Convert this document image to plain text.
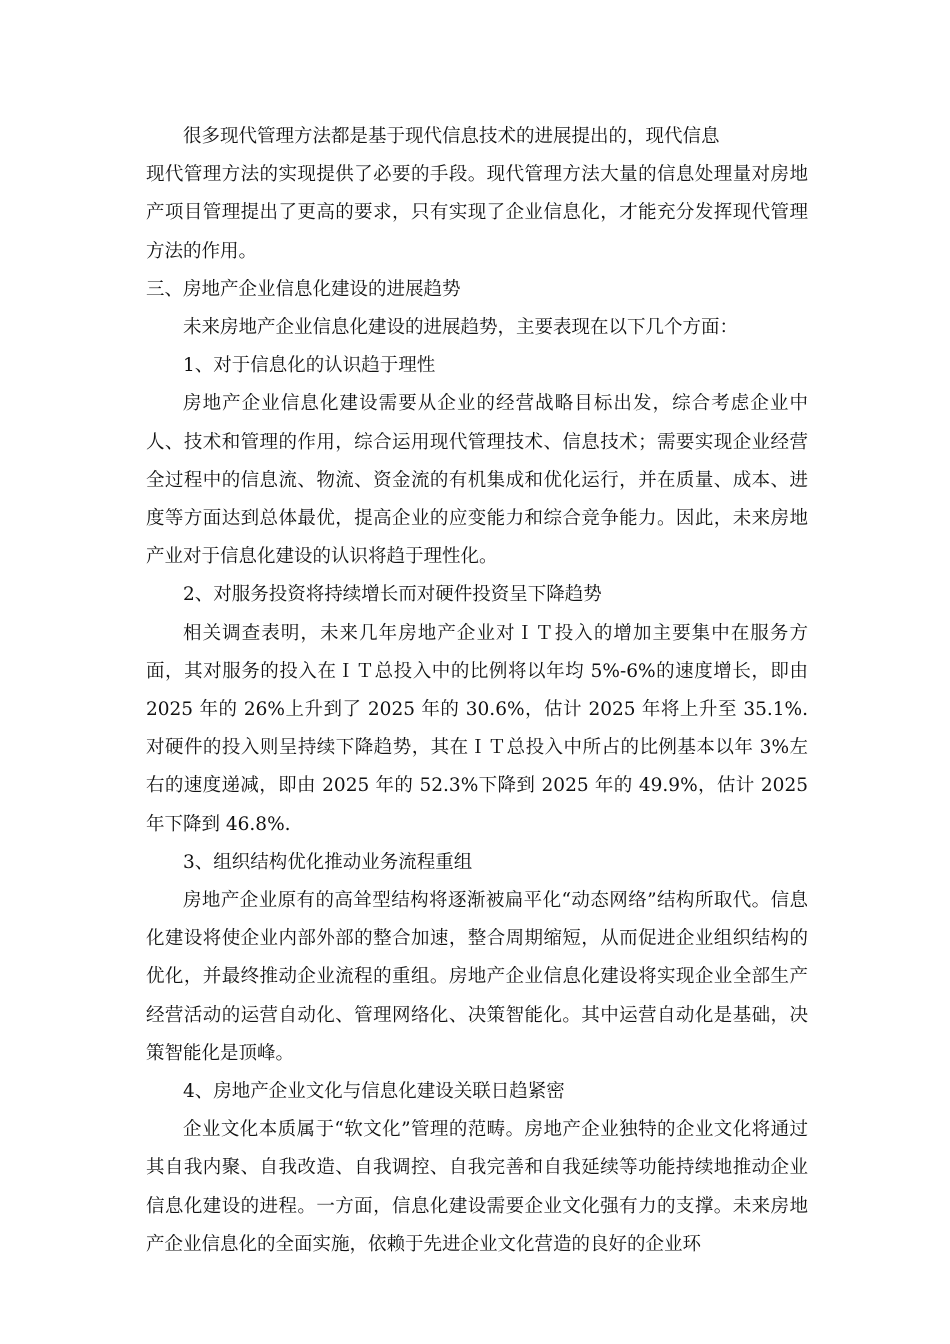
很多现代管理方法都是基于现代信息技术的进展提出的，现代信息

现代管理方法的实现提供了必要的手段。现代管理方法大量的信息处理量对房地产项目管理提出了更高的要求，只有实现了企业信息化，才能充分发挥现代管理方法的作用。

三、房地产企业信息化建设的进展趋势

未来房地产企业信息化建设的进展趋势，主要表现在以下几个方面：

1、对于信息化的认识趋于理性

房地产企业信息化建设需要从企业的经营战略目标出发，综合考虑企业中人、技术和管理的作用，综合运用现代管理技术、信息技术；需要实现企业经营全过程中的信息流、物流、资金流的有机集成和优化运行，并在质量、成本、进度等方面达到总体最优，提高企业的应变能力和综合竞争能力。因此，未来房地产业对于信息化建设的认识将趋于理性化。

2、对服务投资将持续增长而对硬件投资呈下降趋势

相关调查表明，未来几年房地产企业对ＩＴ投入的增加主要集中在服务方面，其对服务的投入在ＩＴ总投入中的比例将以年均 5%-6%的速度增长，即由 2025 年的 26%上升到了 2025 年的 30.6%，估计 2025 年将上升至 35.1%.对硬件的投入则呈持续下降趋势，其在ＩＴ总投入中所占的比例基本以年 3%左右的速度递减，即由 2025 年的 52.3%下降到 2025 年的 49.9%，估计 2025 年下降到 46.8%.

3、组织结构优化推动业务流程重组

房地产企业原有的高耸型结构将逐渐被扁平化“动态网络”结构所取代。信息化建设将使企业内部外部的整合加速，整合周期缩短，从而促进企业组织结构的优化，并最终推动企业流程的重组。房地产企业信息化建设将实现企业全部生产经营活动的运营自动化、管理网络化、决策智能化。其中运营自动化是基础，决策智能化是顶峰。

4、房地产企业文化与信息化建设关联日趋紧密

企业文化本质属于“软文化”管理的范畴。房地产企业独特的企业文化将通过其自我内聚、自我改造、自我调控、自我完善和自我延续等功能持续地推动企业信息化建设的进程。一方面，信息化建设需要企业文化强有力的支撑。未来房地产企业信息化的全面实施，依赖于先进企业文化营造的良好的企业环
